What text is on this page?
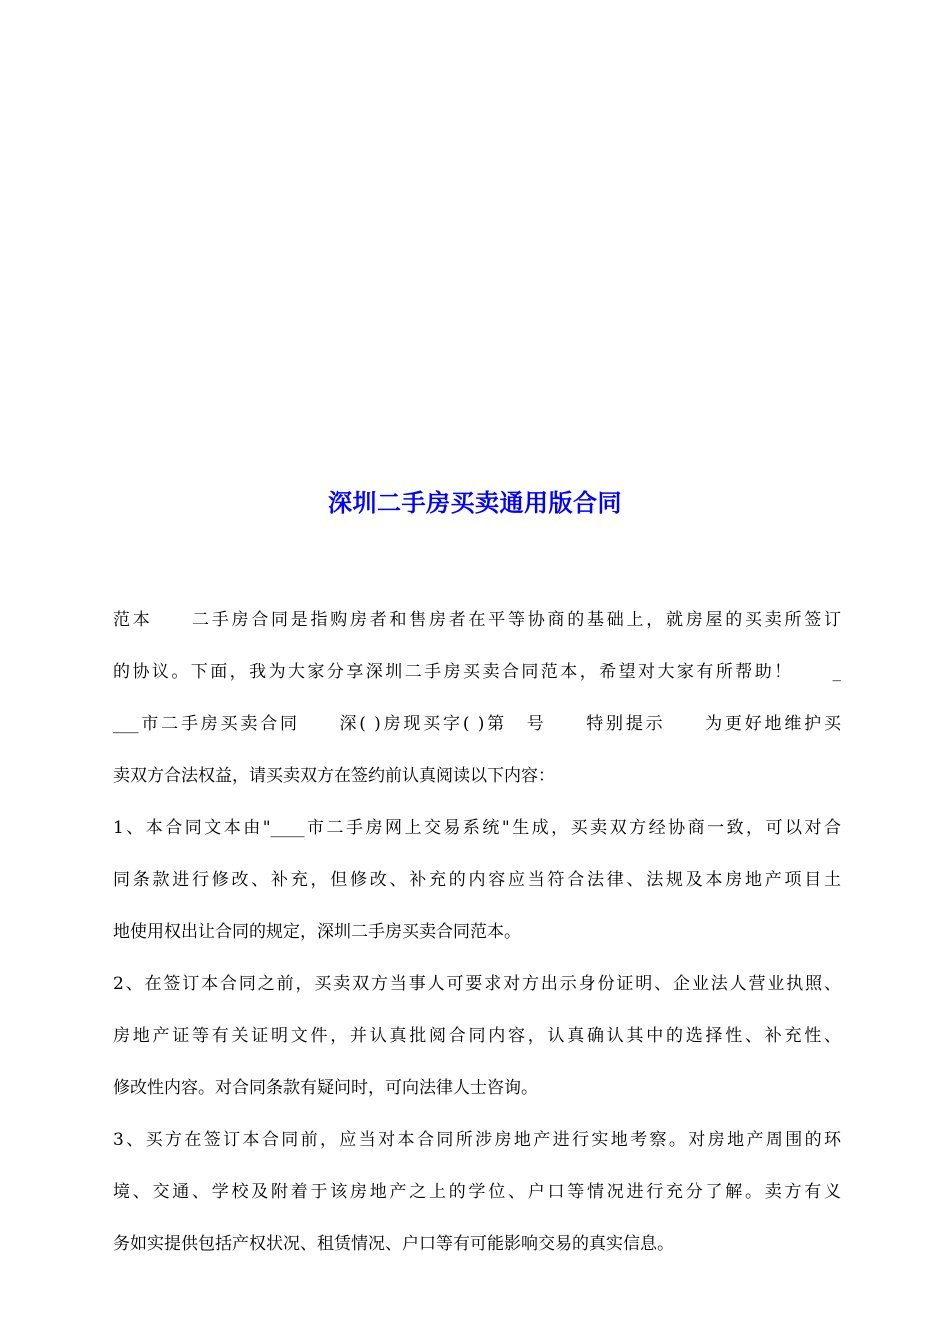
深圳二手房买卖通用版合同
范本　　二手房合同是指购房者和售房者在平等协商的基础上，就房屋的买卖所签订
的协议。下面，我为大家分享深圳二手房买卖合同范本，希望对大家有所帮助！　　_
___市二手房买卖合同　　深( )房现买字( )第　号　　特别提示　　为更好地维护买
卖双方合法权益，请买卖双方在签约前认真阅读以下内容：
1、本合同文本由"____市二手房网上交易系统"生成，买卖双方经协商一致，可以对合
同条款进行修改、补充，但修改、补充的内容应当符合法律、法规及本房地产项目土
地使用权出让合同的规定，深圳二手房买卖合同范本。
2、在签订本合同之前，买卖双方当事人可要求对方出示身份证明、企业法人营业执照、
房地产证等有关证明文件，并认真批阅合同内容，认真确认其中的选择性、补充性、
修改性内容。对合同条款有疑问时，可向法律人士咨询。
3、买方在签订本合同前，应当对本合同所涉房地产进行实地考察。对房地产周围的环
境、交通、学校及附着于该房地产之上的学位、户口等情况进行充分了解。卖方有义
务如实提供包括产权状况、租赁情况、户口等有可能影响交易的真实信息。
